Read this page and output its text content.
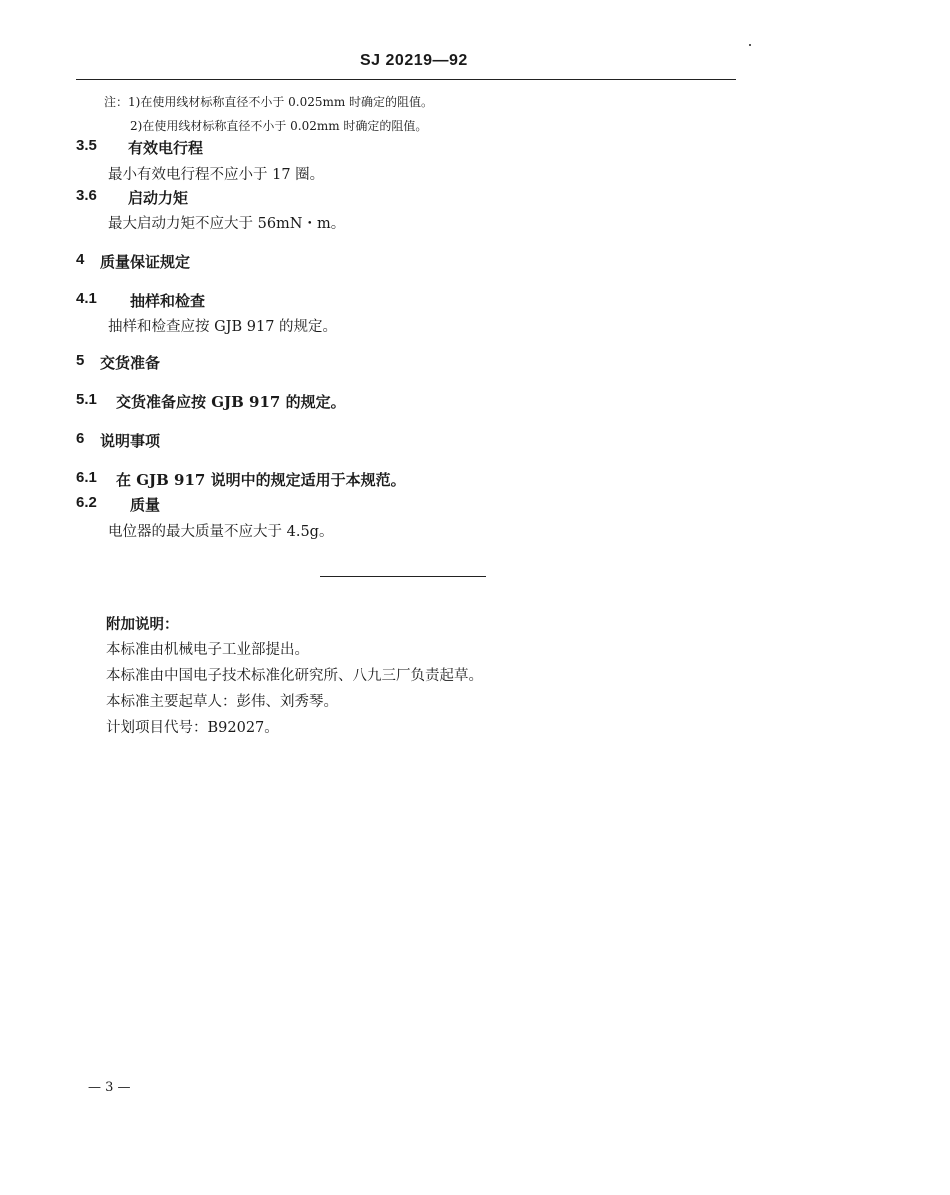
SJ 20219—92
注：1)在使用线材标称直径不小于 0.025mm 时确定的阻值。
2)在使用线材标称直径不小于 0.02mm 时确定的阻值。
3.5 有效电行程
最小有效电行程不应小于 17 圈。
3.6 启动力矩
最大启动力矩不应大于 56mN・m。
4 质量保证规定
4.1 抽样和检查
抽样和检查应按 GJB 917 的规定。
5 交货准备
5.1 交货准备应按 GJB 917 的规定。
6 说明事项
6.1 在 GJB 917 说明中的规定适用于本规范。
6.2 质量
电位器的最大质量不应大于 4.5g。
附加说明：
本标准由机械电子工业部提出。
本标准由中国电子技术标准化研究所、八九三厂负责起草。
本标准主要起草人：彭伟、刘秀琴。
计划项目代号：B92027。
— 3 —
